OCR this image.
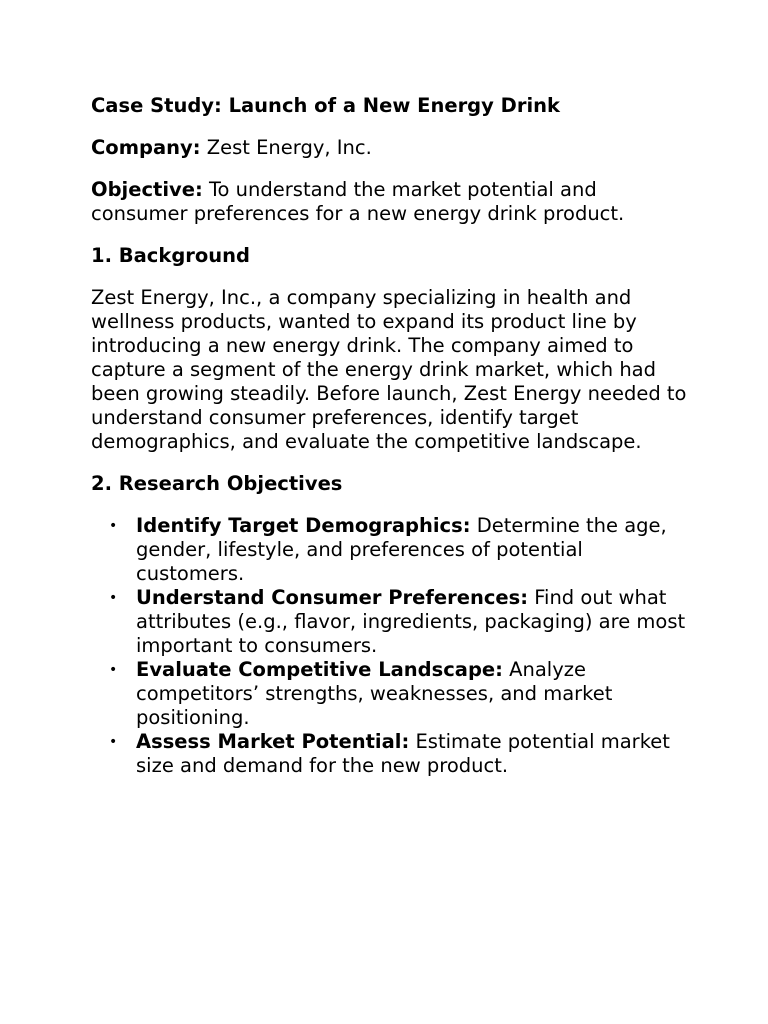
Case Study: Launch of a New Energy Drink
Company: Zest Energy, Inc.
Objective: To understand the market potential and consumer preferences for a new energy drink product.
1. Background
Zest Energy, Inc., a company specializing in health and wellness products, wanted to expand its product line by introducing a new energy drink. The company aimed to capture a segment of the energy drink market, which had been growing steadily. Before launch, Zest Energy needed to understand consumer preferences, identify target demographics, and evaluate the competitive landscape.
2. Research Objectives
• Identify Target Demographics: Determine the age, gender, lifestyle, and preferences of potential customers.
• Understand Consumer Preferences: Find out what attributes (e.g., flavor, ingredients, packaging) are most important to consumers.
• Evaluate Competitive Landscape: Analyze competitors’ strengths, weaknesses, and market positioning.
• Assess Market Potential: Estimate potential market size and demand for the new product.
